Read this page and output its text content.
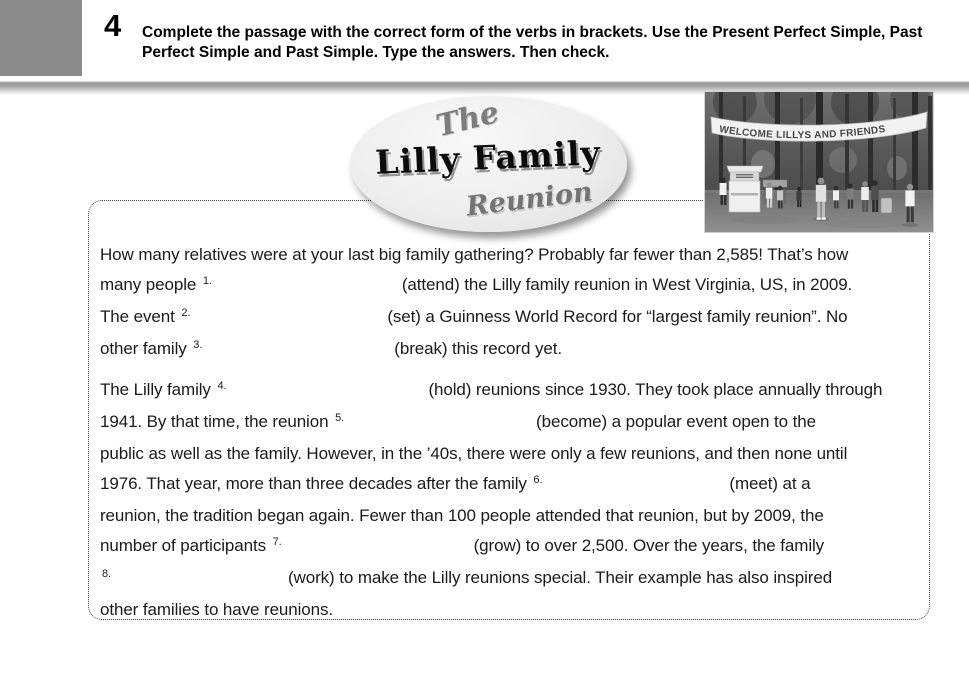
4 Complete the passage with the correct form of the verbs in brackets. Use the Present Perfect Simple, Past Perfect Simple and Past Simple. Type the answers. Then check.

How many relatives were at your last big family gathering? Probably far fewer than 2,585! That’s how
many people $^{1.}$	(attend) the Lilly family reunion in West Virginia, US, in 2009.
The event $^{2.}$	(set) a Guinness World Record for “largest family reunion”. No
other family $^{3.}$	(break) this record yet.
The Lilly family $^{4.}$	(hold) reunions since 1930. They took place annually through
1941. By that time, the reunion $^{5.}$	(become) a popular event open to the
public as well as the family. However, in the ’40s, there were only a few reunions, and then none until
1976. That year, more than three decades after the family $^{6.}$	(meet) at a
reunion, the tradition began again. Fewer than 100 people attended that reunion, but by 2009, the
number of participants $^{7.}$	(grow) to over 2,500. Over the years, the family
$^{8.}$	(work) to make the Lilly reunions special. Their example has also inspired
other families to have reunions.
The
Lilly Family
Reunion
WELCOME LILLYS AND FRIENDS
